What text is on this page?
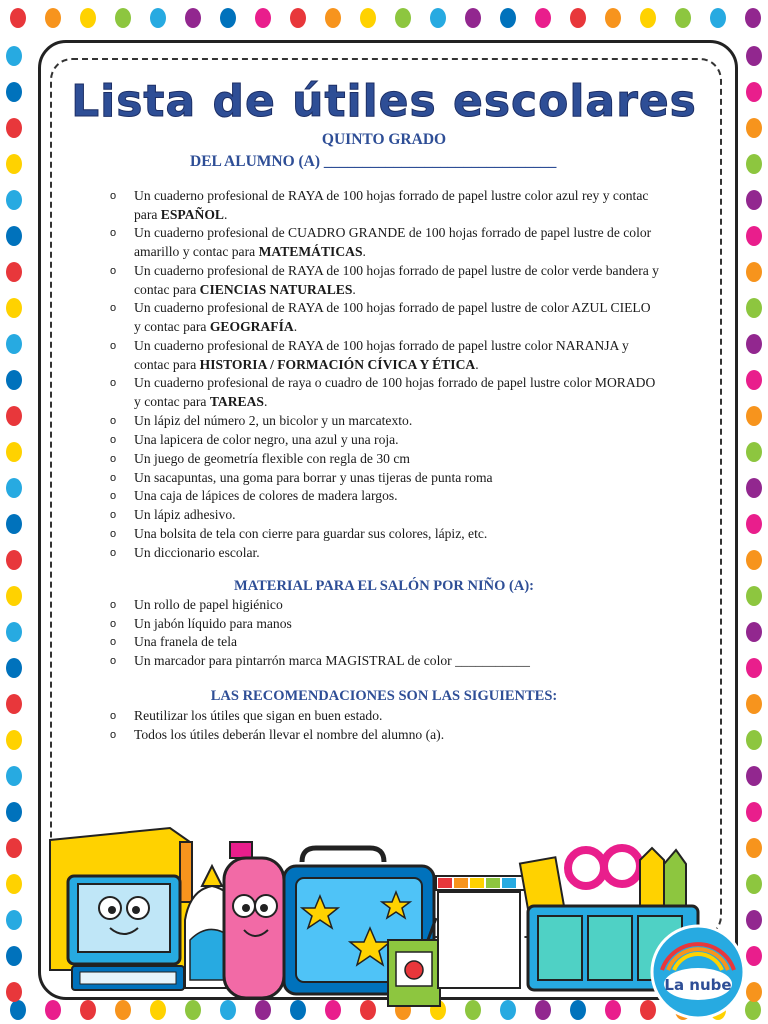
Lista de útiles escolares
QUINTO GRADO
DEL ALUMNO (A) ______________________________
o Un cuaderno profesional de RAYA de 100 hojas forrado de papel lustre color azul rey y contac para ESPAÑOL.
o Un cuaderno profesional de CUADRO GRANDE de 100 hojas forrado de papel lustre de color amarillo y contac para MATEMÁTICAS.
o Un cuaderno profesional de RAYA de 100 hojas forrado de papel lustre de color verde bandera y contac para CIENCIAS NATURALES.
o Un cuaderno profesional de RAYA de 100 hojas forrado de papel lustre de color AZUL CIELO y contac para GEOGRAFÍA.
o Un cuaderno profesional de RAYA de 100 hojas forrado de papel lustre color NARANJA y contac para HISTORIA / FORMACIÓN CÍVICA Y ÉTICA.
o Un cuaderno profesional de raya o cuadro de 100 hojas forrado de papel lustre color MORADO y contac para TAREAS.
o Un lápiz del número 2, un bicolor y un marcatexto.
o Una lapicera de color negro, una azul y una roja.
o Un juego de geometría flexible con regla de 30 cm
o Un sacapuntas, una goma para borrar y unas tijeras de punta roma
o Una caja de lápices de colores de madera largos.
o Un lápiz adhesivo.
o Una bolsita de tela con cierre para guardar sus colores, lápiz, etc.
o Un diccionario escolar.
MATERIAL PARA EL SALÓN POR NIÑO (A):
o Un rollo de papel higiénico
o Un jabón líquido para manos
o Una franela de tela
o Un marcador para pintarrón marca MAGISTRAL de color ___________
LAS RECOMENDACIONES SON LAS SIGUIENTES:
o Reutilizar los útiles que sigan en buen estado.
o Todos los útiles deberán llevar el nombre del alumno (a).
La nube
